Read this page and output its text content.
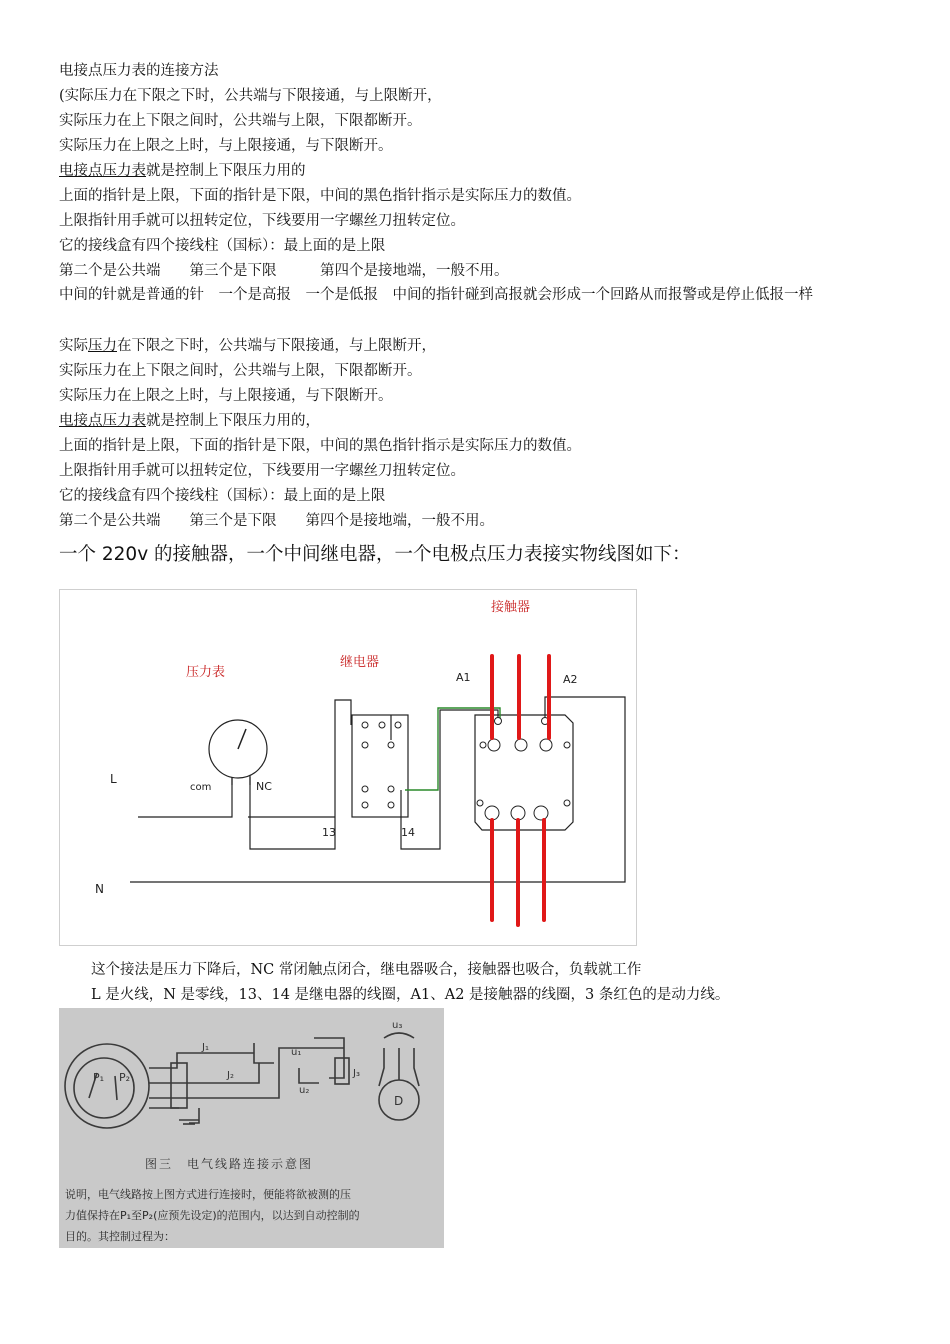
电接点压力表的连接方法
(实际压力在下限之下时，公共端与下限接通，与上限断开，
实际压力在上下限之间时，公共端与上限，下限都断开。
实际压力在上限之上时，与上限接通，与下限断开。
电接点压力表就是控制上下限压力用的
上面的指针是上限，下面的指针是下限，中间的黑色指针指示是实际压力的数值。
上限指针用手就可以扭转定位，下线要用一字螺丝刀扭转定位。
它的接线盒有四个接线柱（国标）：最上面的是上限
第二个是公共端　　第三个是下限　　　第四个是接地端，一般不用。
中间的针就是普通的针　一个是高报　一个是低报　中间的指针碰到高报就会形成一个回路从而报警或是停止低报一样
实际压力在下限之下时，公共端与下限接通，与上限断开，
实际压力在上下限之间时，公共端与上限，下限都断开。
实际压力在上限之上时，与上限接通，与下限断开。
电接点压力表就是控制上下限压力用的，
上面的指针是上限，下面的指针是下限，中间的黑色指针指示是实际压力的数值。
上限指针用手就可以扭转定位，下线要用一字螺丝刀扭转定位。
它的接线盒有四个接线柱（国标）：最上面的是上限
第二个是公共端　　第三个是下限　　第四个是接地端，一般不用。
一个 220v 的接触器，一个中间继电器，一个电极点压力表接实物线图如下：
压力表
继电器
接触器
L
N
com	NC
13	14
A1	A2
这个接法是压力下降后，NC 常闭触点闭合，继电器吸合，接触器也吸合，负载就工作
L 是火线，N 是零线，13、14 是继电器的线圈，A1、A2 是接触器的线圈，3 条红色的是动力线。
P₁ P₂
J₁
J₂	J₃
u₁
u₂
u₃
D
图三　电气线路连接示意图
说明，电气线路按上图方式进行连接时，便能将欲被测的压
力值保持在P₁至P₂(应预先设定)的范围内，以达到自动控制的
目的。其控制过程为：
